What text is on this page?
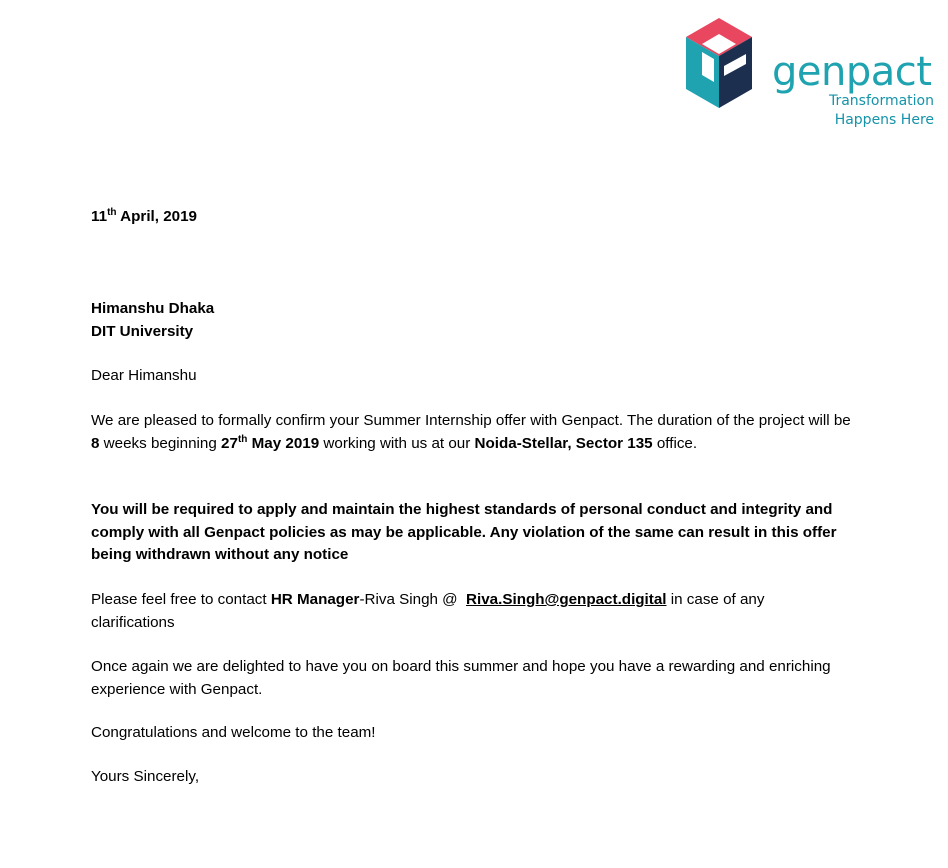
genpact
Transformation
Happens Here
11th April, 2019
Himanshu Dhaka
DIT University
Dear Himanshu
We are pleased to formally confirm your Summer Internship offer with Genpact. The duration of the project will be 8 weeks beginning 27th May 2019 working with us at our Noida-Stellar, Sector 135 office.
You will be required to apply and maintain the highest standards of personal conduct and integrity and comply with all Genpact policies as may be applicable. Any violation of the same can result in this offer being withdrawn without any notice
Please feel free to contact HR Manager-Riva Singh @  Riva.Singh@genpact.digital in case of any clarifications
Once again we are delighted to have you on board this summer and hope you have a rewarding and enriching experience with Genpact.
Congratulations and welcome to the team!
Yours Sincerely,
